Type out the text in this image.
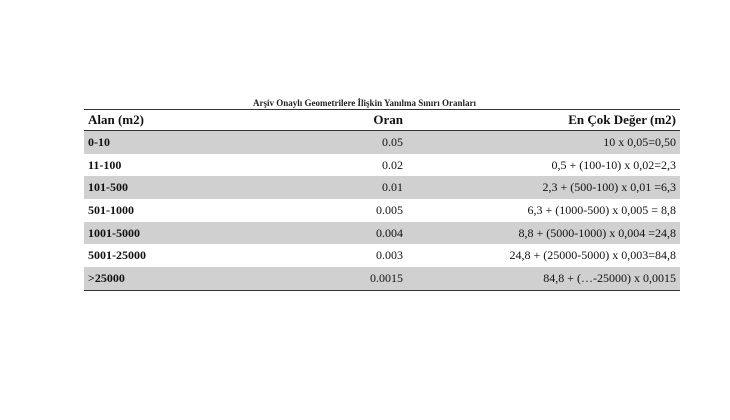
Arşiv Onaylı Geometrilere İlişkin Yanılma Sınırı Oranları
Alan (m2)	Oran	En Çok Değer (m2)
0-10	0.05	10 x 0,05=0,50
11-100	0.02	0,5 + (100-10) x 0,02=2,3
101-500	0.01	2,3 + (500-100) x 0,01 =6,3
501-1000	0.005	6,3 + (1000-500) x 0,005 = 8,8
1001-5000	0.004	8,8 + (5000-1000) x 0,004 =24,8
5001-25000	0.003	24,8 + (25000-5000) x 0,003=84,8
>25000	0.0015	84,8 + (…-25000) x 0,0015
